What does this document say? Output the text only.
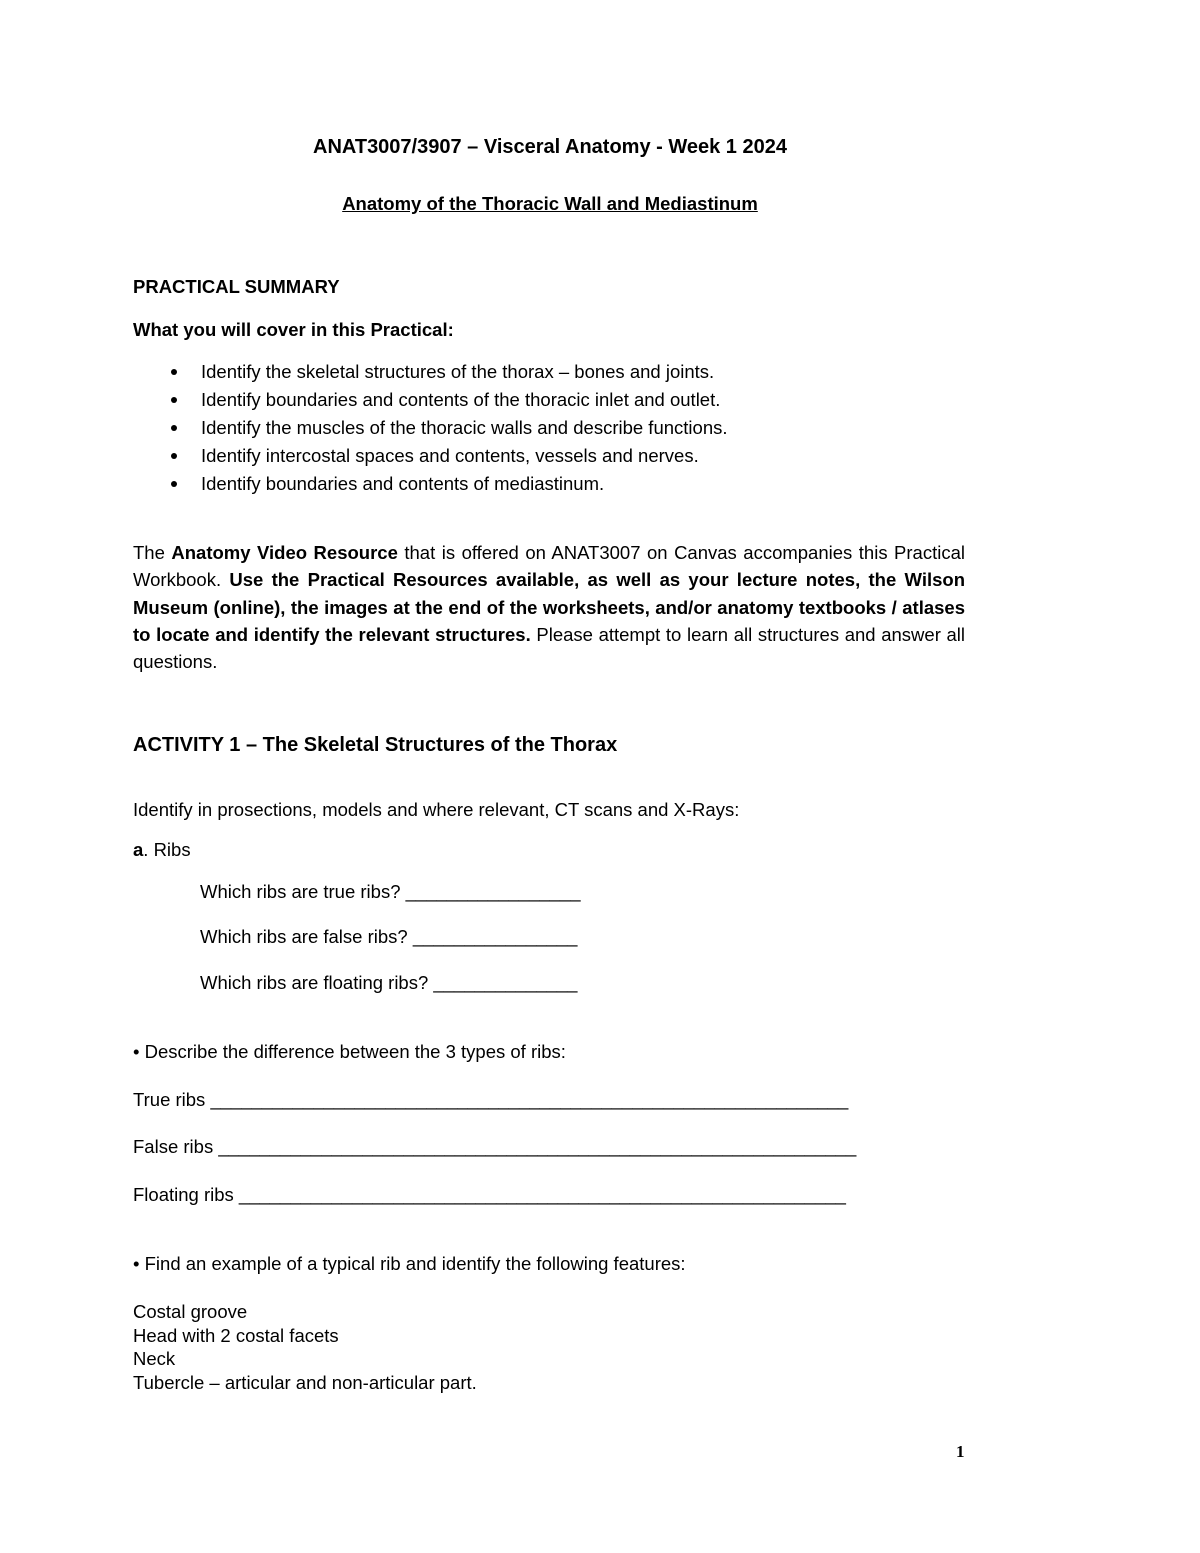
ANAT3007/3907 – Visceral Anatomy - Week 1 2024
Anatomy of the Thoracic Wall and Mediastinum
PRACTICAL SUMMARY
What you will cover in this Practical:
Identify the skeletal structures of the thorax – bones and joints.
Identify boundaries and contents of the thoracic inlet and outlet.
Identify the muscles of the thoracic walls and describe functions.
Identify intercostal spaces and contents, vessels and nerves.
Identify boundaries and contents of mediastinum.

The Anatomy Video Resource that is offered on ANAT3007 on Canvas accompanies this Practical Workbook. Use the Practical Resources available, as well as your lecture notes, the Wilson Museum (online), the images at the end of the worksheets, and/or anatomy textbooks / atlases to locate and identify the relevant structures. Please attempt to learn all structures and answer all questions.

ACTIVITY 1 – The Skeletal Structures of the Thorax
Identify in prosections, models and where relevant, CT scans and X-Rays:
a. Ribs
Which ribs are true ribs? _________________
Which ribs are false ribs? ________________
Which ribs are floating ribs? ______________
• Describe the difference between the 3 types of ribs:
True ribs ______________________________________________________________
False ribs ______________________________________________________________
Floating ribs ___________________________________________________________
• Find an example of a typical rib and identify the following features:
Costal groove
Head with 2 costal facets
Neck
Tubercle – articular and non-articular part.
1
